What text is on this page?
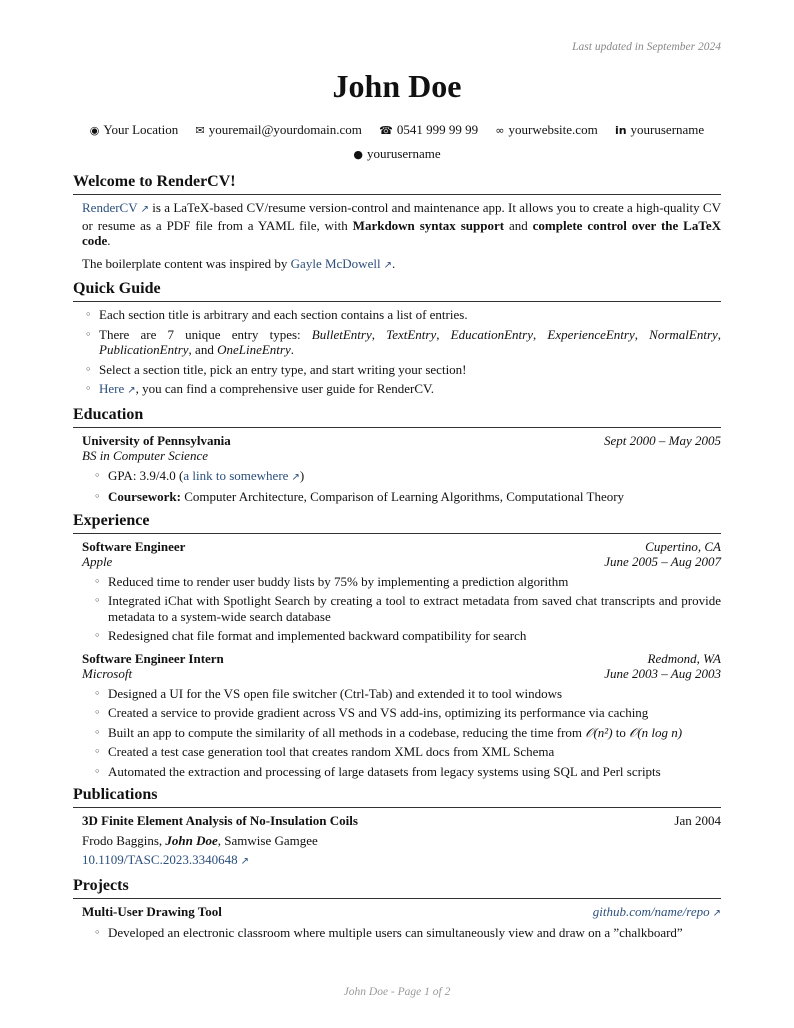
Last updated in September 2024
John Doe
◉ Your Location ✉ youremail@yourdomain.com ☎ 0541 999 99 99 ∞ yourwebsite.com in yourusername
● yourusername
Welcome to RenderCV!

RenderCV ↗ is a LaTeX-based CV/resume version-control and maintenance app. It allows you to create a high-quality CV or resume as a PDF file from a YAML file, with Markdown syntax support and complete control over the LaTeX code.

The boilerplate content was inspired by Gayle McDowell ↗.

Quick Guide
◦ Each section title is arbitrary and each section contains a list of entries.
◦ There are 7 unique entry types: BulletEntry, TextEntry, EducationEntry, ExperienceEntry, NormalEntry, PublicationEntry, and OneLineEntry.
◦ Select a section title, pick an entry type, and start writing your section!
◦ Here ↗, you can find a comprehensive user guide for RenderCV.
Education
University of Pennsylvania	Sept 2000 – May 2005
BS in Computer Science
◦ GPA: 3.9/4.0 (a link to somewhere ↗)
◦ Coursework: Computer Architecture, Comparison of Learning Algorithms, Computational Theory
Experience
Software Engineer	Cupertino, CA
Apple	June 2005 – Aug 2007
◦ Reduced time to render user buddy lists by 75% by implementing a prediction algorithm
◦ Integrated iChat with Spotlight Search by creating a tool to extract metadata from saved chat transcripts and provide metadata to a system-wide search database
◦ Redesigned chat file format and implemented backward compatibility for search
Software Engineer Intern	Redmond, WA
Microsoft	June 2003 – Aug 2003
◦ Designed a UI for the VS open file switcher (Ctrl-Tab) and extended it to tool windows
◦ Created a service to provide gradient across VS and VS add-ins, optimizing its performance via caching
◦ Built an app to compute the similarity of all methods in a codebase, reducing the time from 𝒪(n²) to 𝒪(n log n)
◦ Created a test case generation tool that creates random XML docs from XML Schema
◦ Automated the extraction and processing of large datasets from legacy systems using SQL and Perl scripts
Publications
3D Finite Element Analysis of No-Insulation Coils	Jan 2004
Frodo Baggins, John Doe, Samwise Gamgee
10.1109/TASC.2023.3340648 ↗
Projects
Multi-User Drawing Tool	github.com/name/repo ↗
◦ Developed an electronic classroom where multiple users can simultaneously view and draw on a ”chalkboard”
John Doe - Page 1 of 2
